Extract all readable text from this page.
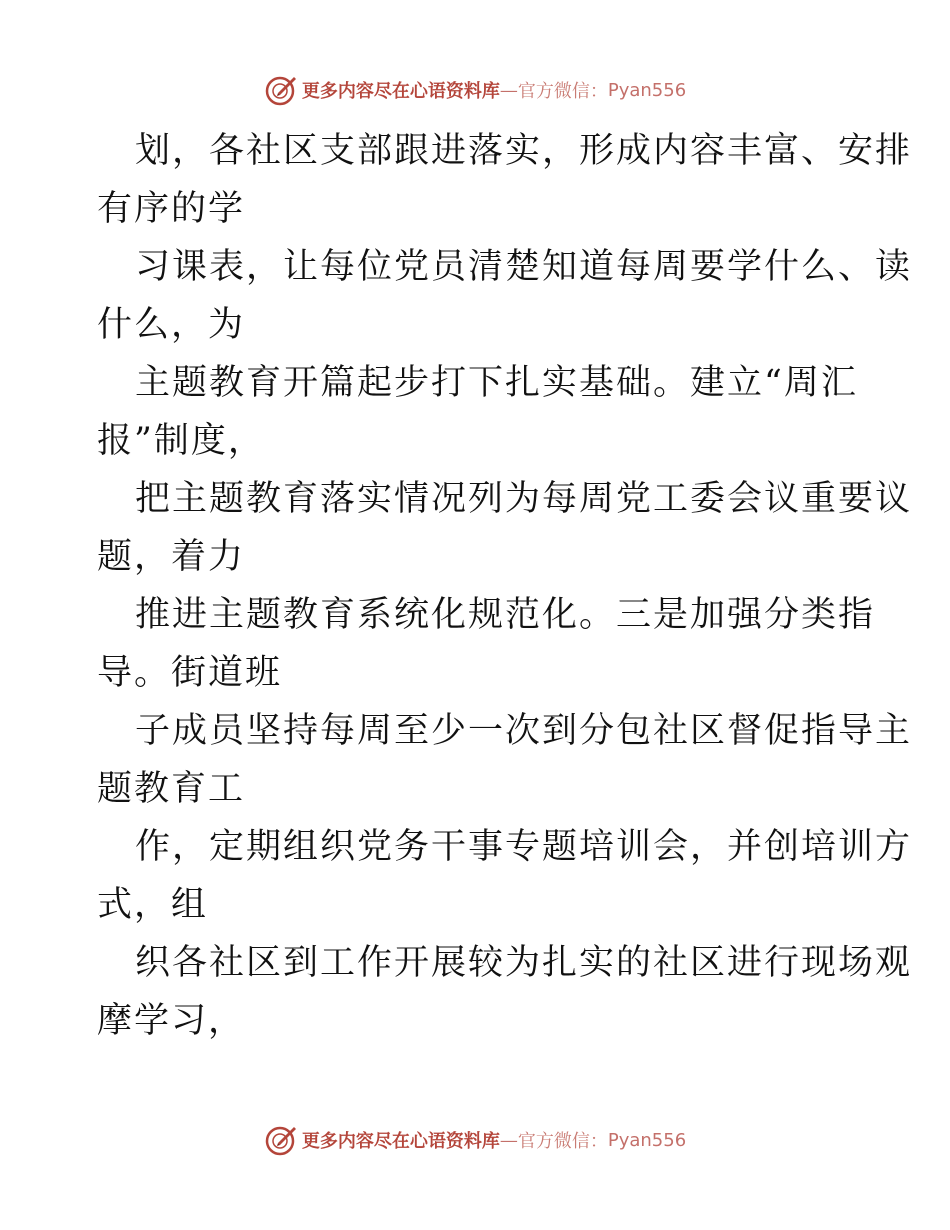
更多内容尽在心语资料库 — 官方微信： Pyan556
划，各社区支部跟进落实，形成内容丰富、安排
有序的学
习课表，让每位党员清楚知道每周要学什么、读
什么，为
主题教育开篇起步打下扎实基础。建立“周汇
报”制度，
把主题教育落实情况列为每周党工委会议重要议
题，着力
推进主题教育系统化规范化。三是加强分类指
导。街道班
子成员坚持每周至少一次到分包社区督促指导主
题教育工
作，定期组织党务干事专题培训会，并创培训方
式，组
织各社区到工作开展较为扎实的社区进行现场观
摩学习，
更多内容尽在心语资料库 — 官方微信： Pyan556
